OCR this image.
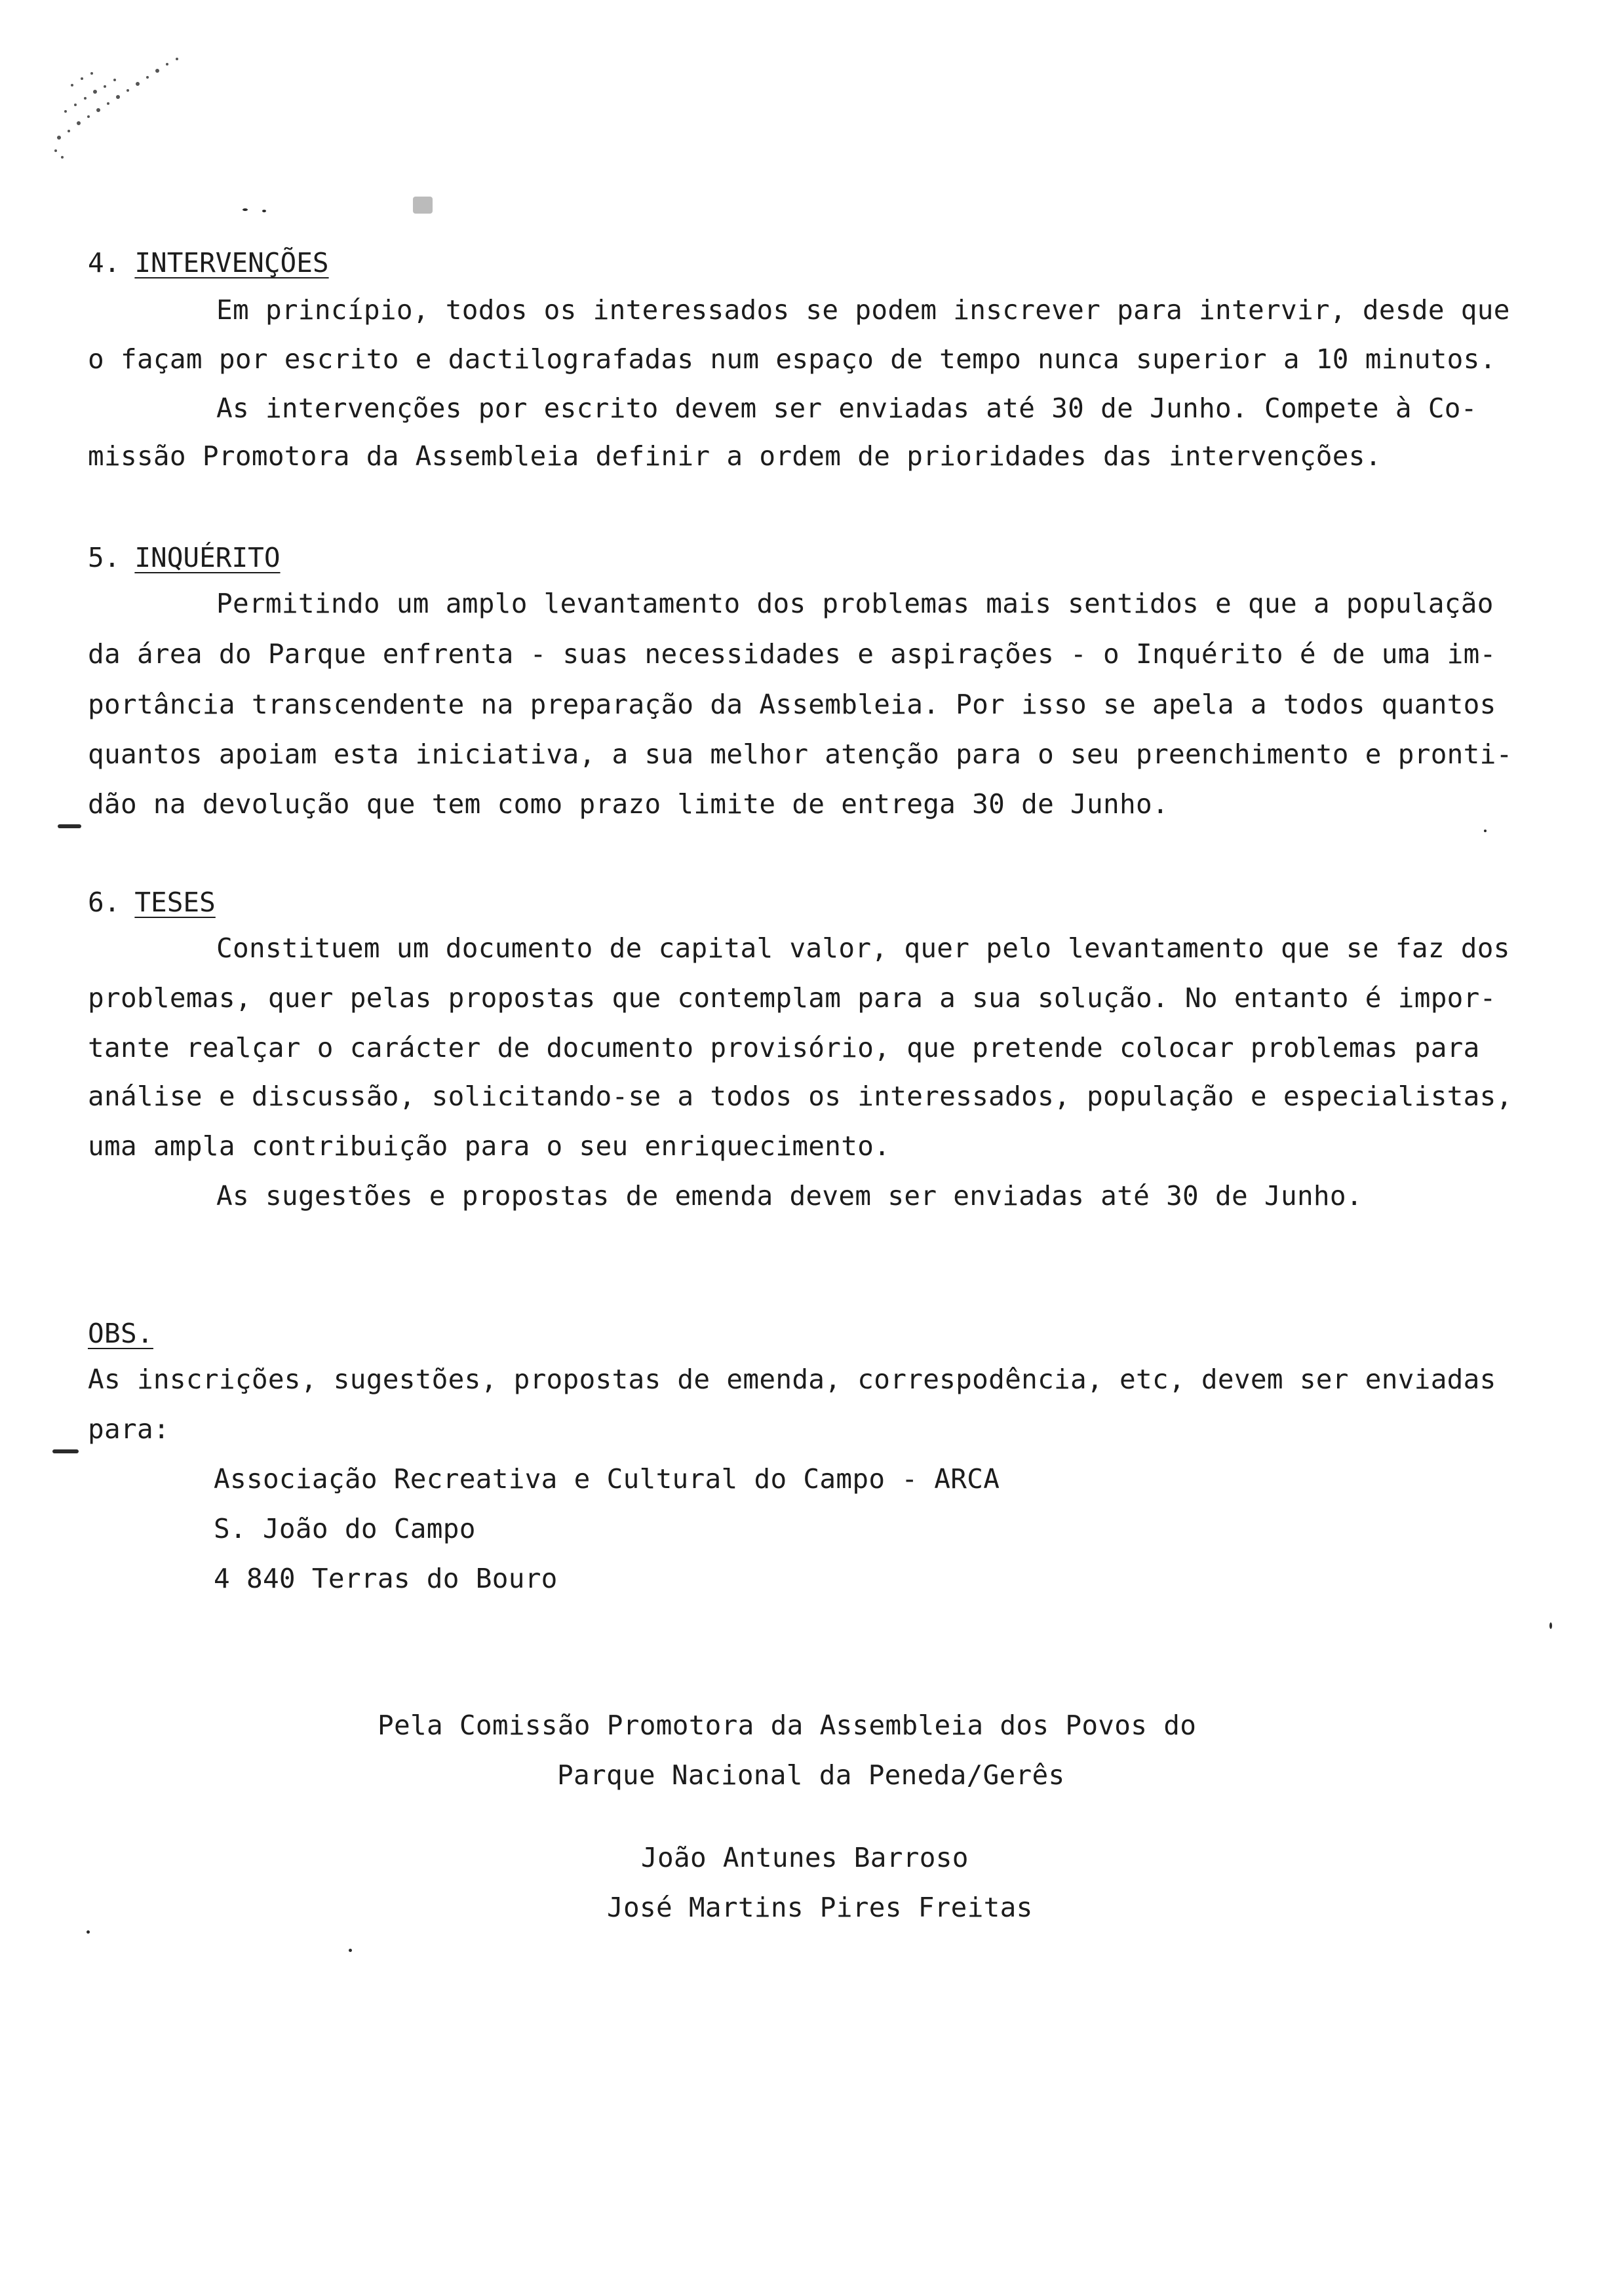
4. INTERVENÇÕES
Em princípio, todos os interessados se podem inscrever para intervir, desde que
o façam por escrito e dactilografadas num espaço de tempo nunca superior a 10 minutos.
As intervenções por escrito devem ser enviadas até 30 de Junho. Compete à Co-
missão Promotora da Assembleia definir a ordem de prioridades das intervenções.
5. INQUÉRITO
Permitindo um amplo levantamento dos problemas mais sentidos e que a população
da área do Parque enfrenta - suas necessidades e aspirações - o Inquérito é de uma im-
portância transcendente na preparação da Assembleia. Por isso se apela a todos quantos
quantos apoiam esta iniciativa, a sua melhor atenção para o seu preenchimento e pronti-
dão na devolução que tem como prazo limite de entrega 30 de Junho.
6. TESES
Constituem um documento de capital valor, quer pelo levantamento que se faz dos
problemas, quer pelas propostas que contemplam para a sua solução. No entanto é impor-
tante realçar o carácter de documento provisório, que pretende colocar problemas para
análise e discussão, solicitando-se a todos os interessados, população e especialistas,
uma ampla contribuição para o seu enriquecimento.
As sugestões e propostas de emenda devem ser enviadas até 30 de Junho.
OBS.
As inscrições, sugestões, propostas de emenda, correspodência, etc, devem ser enviadas
para:
Associação Recreativa e Cultural do Campo - ARCA
S. João do Campo
4 840 Terras do Bouro
Pela Comissão Promotora da Assembleia dos Povos do
Parque Nacional da Peneda/Gerês
João Antunes Barroso
José Martins Pires Freitas
